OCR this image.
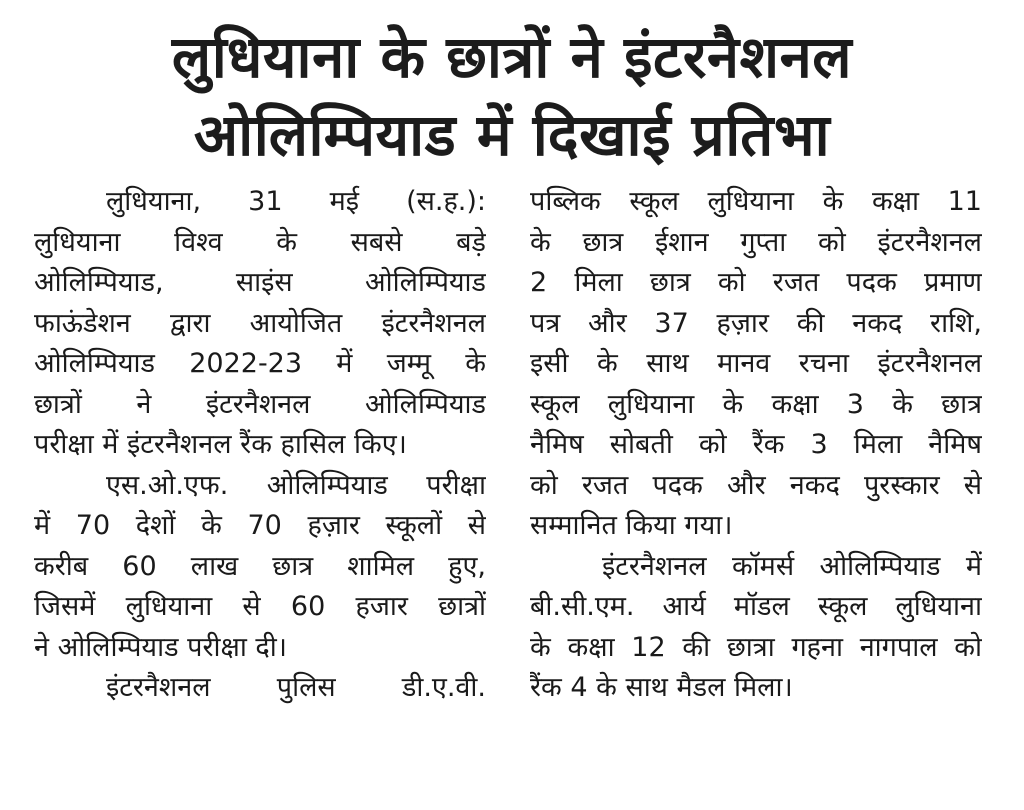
लुधियाना के छात्रों ने इंटरनैशनल
ओलिम्पियाड में दिखाई प्रतिभा
लुधियाना, 31 मई (स.ह.):
लुधियाना विश्व के सबसे बड़े
ओलिम्पियाड, साइंस ओलिम्पियाड
फाऊंडेशन द्वारा आयोजित इंटरनैशनल
ओलिम्पियाड 2022-23 में जम्मू के
छात्रों ने इंटरनैशनल ओलिम्पियाड
परीक्षा में इंटरनैशनल रैंक हासिल किए।
एस.ओ.एफ. ओलिम्पियाड परीक्षा
में 70 देशों के 70 हज़ार स्कूलों से
करीब 60 लाख छात्र शामिल हुए,
जिसमें लुधियाना से 60 हजार छात्रों
ने ओलिम्पियाड परीक्षा दी।
इंटरनैशनल पुलिस डी.ए.वी.
पब्लिक स्कूल लुधियाना के कक्षा 11
के छात्र ईशान गुप्ता को इंटरनैशनल
2 मिला छात्र को रजत पदक प्रमाण
पत्र और 37 हज़ार की नकद राशि,
इसी के साथ मानव रचना इंटरनैशनल
स्कूल लुधियाना के कक्षा 3 के छात्र
नैमिष सोबती को रैंक 3 मिला नैमिष
को रजत पदक और नकद पुरस्कार से
सम्मानित किया गया।
इंटरनैशनल कॉमर्स ओलिम्पियाड में
बी.सी.एम. आर्य मॉडल स्कूल लुधियाना
के कक्षा 12 की छात्रा गहना नागपाल को
रैंक 4 के साथ मैडल मिला।
